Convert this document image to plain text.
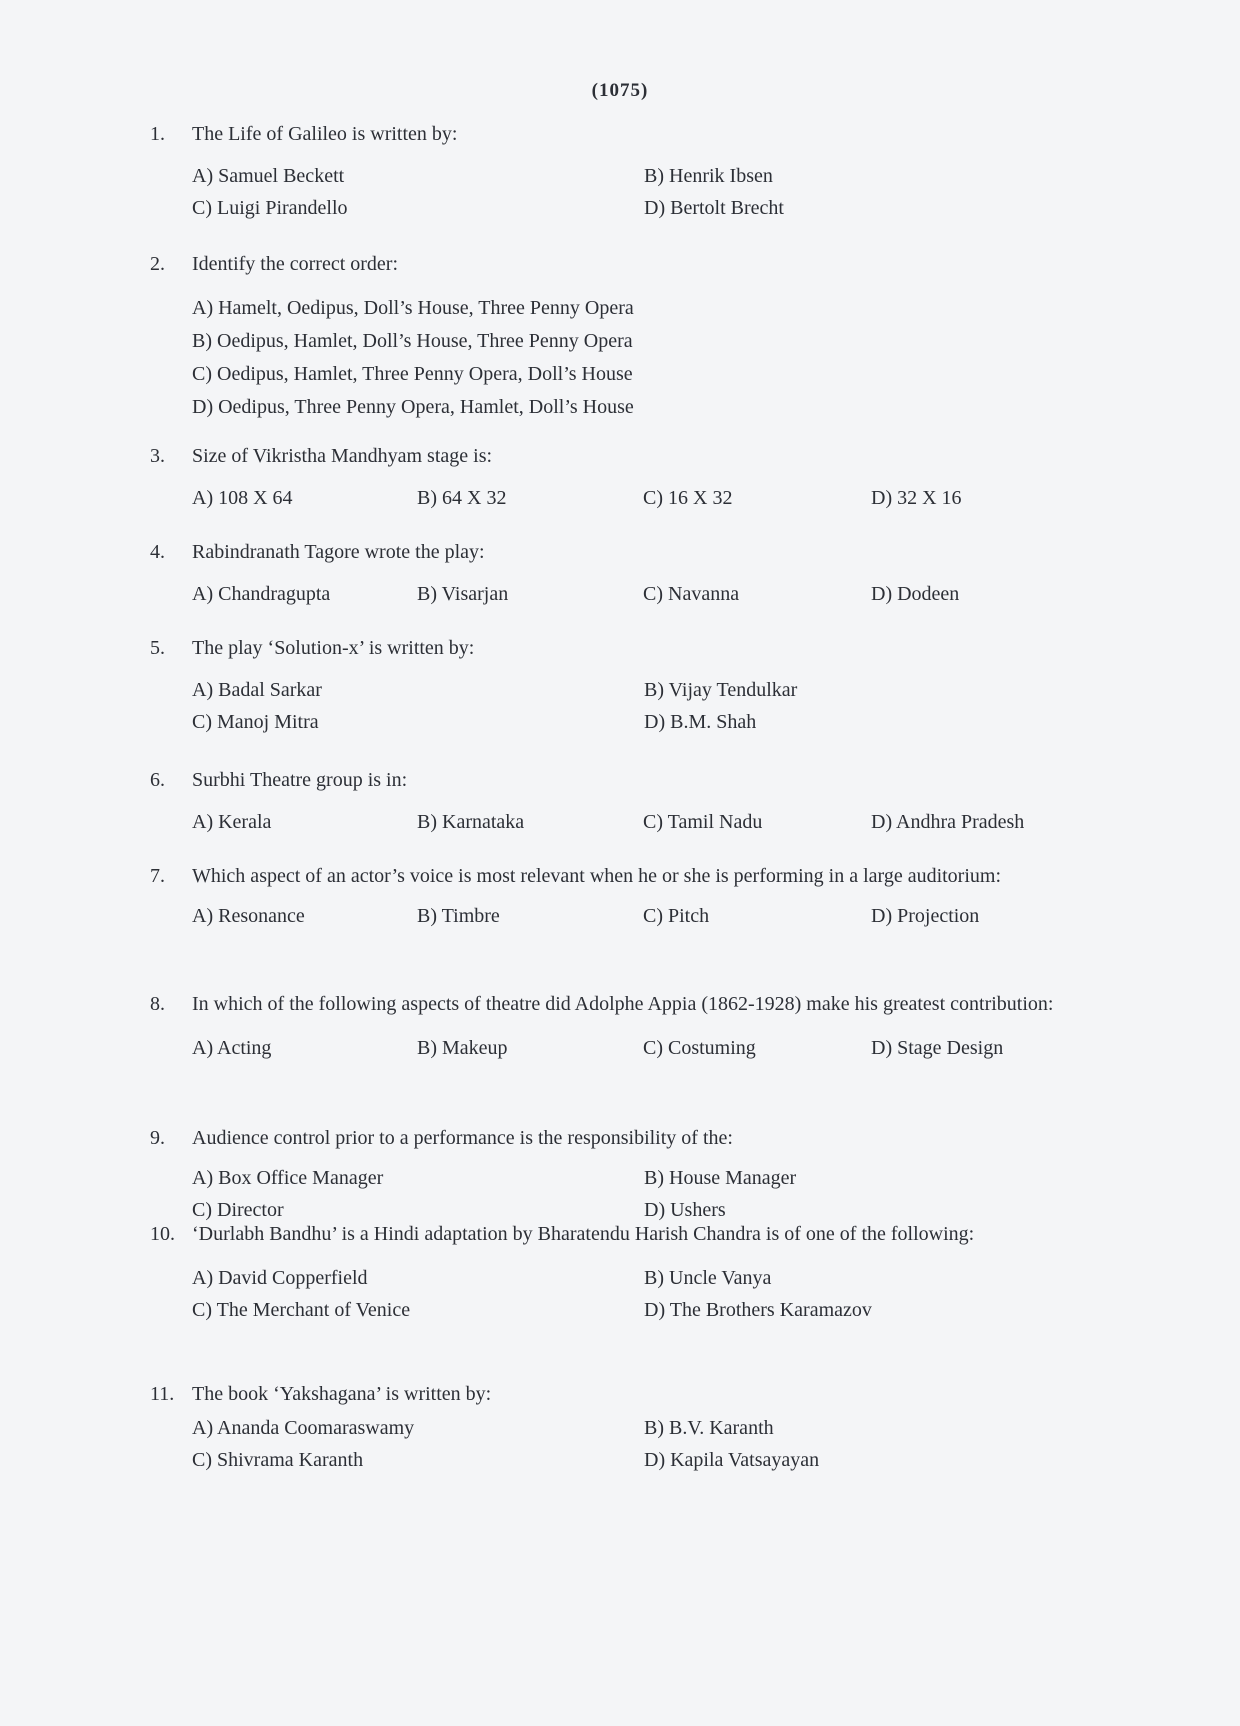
(1075)
1. The Life of Galileo is written by:
A) Samuel Beckett	B) Henrik Ibsen
C) Luigi Pirandello	D) Bertolt Brecht
2. Identify the correct order:
A) Hamelt, Oedipus, Doll’s House, Three Penny Opera
B) Oedipus, Hamlet, Doll’s House, Three Penny Opera
C) Oedipus, Hamlet, Three Penny Opera, Doll’s House
D) Oedipus, Three Penny Opera, Hamlet, Doll’s House
3. Size of Vikristha Mandhyam stage is:
A) 108 X 64	B) 64 X 32	C) 16 X 32	D) 32 X 16
4. Rabindranath Tagore wrote the play:
A) Chandragupta	B) Visarjan	C) Navanna	D) Dodeen
5. The play ‘Solution-x’ is written by:
A) Badal Sarkar	B) Vijay Tendulkar
C) Manoj Mitra	D) B.M. Shah
6. Surbhi Theatre group is in:
A) Kerala	B) Karnataka	C) Tamil Nadu	D) Andhra Pradesh
7. Which aspect of an actor’s voice is most relevant when he or she is performing in a large auditorium:
A) Resonance	B) Timbre	C) Pitch	D) Projection
8. In which of the following aspects of theatre did Adolphe Appia (1862-1928) make his greatest contribution:
A) Acting	B) Makeup	C) Costuming	D) Stage Design
9. Audience control prior to a performance is the responsibility of the:
A) Box Office Manager	B) House Manager
C) Director	D) Ushers
10. ‘Durlabh Bandhu’ is a Hindi adaptation by Bharatendu Harish Chandra is of one of the following:
A) David Copperfield	B) Uncle Vanya
C) The Merchant of Venice	D) The Brothers Karamazov
11. The book ‘Yakshagana’ is written by:
A) Ananda Coomaraswamy	B) B.V. Karanth
C) Shivrama Karanth	D) Kapila Vatsayayan
